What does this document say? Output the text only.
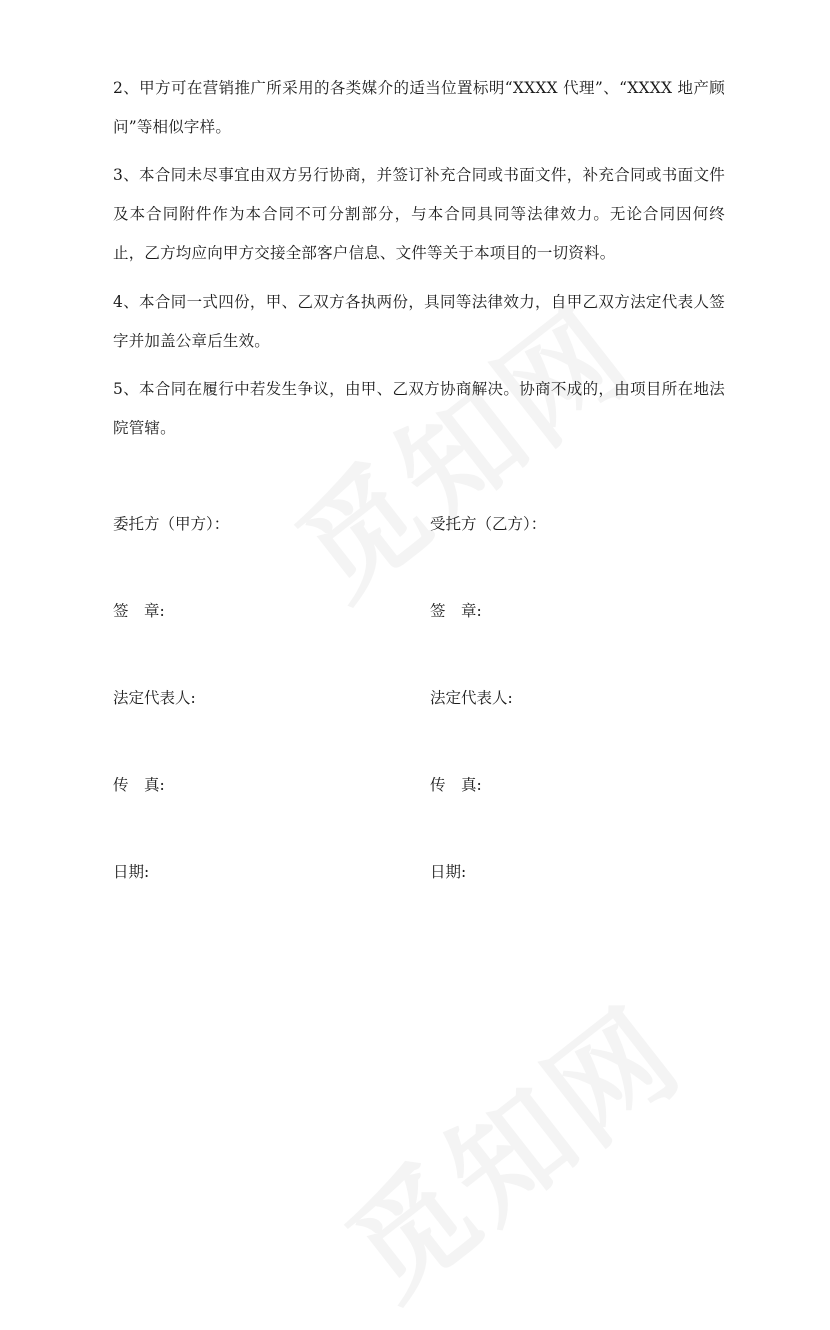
2、甲方可在营销推广所采用的各类媒介的适当位置标明“XXXX 代理”、“XXXX 地产顾问”等相似字样。

3、本合同未尽事宜由双方另行协商，并签订补充合同或书面文件，补充合同或书面文件及本合同附件作为本合同不可分割部分，与本合同具同等法律效力。无论合同因何终止，乙方均应向甲方交接全部客户信息、文件等关于本项目的一切资料。

4、本合同一式四份，甲、乙双方各执两份，具同等法律效力，自甲乙双方法定代表人签字并加盖公章后生效。

5、本合同在履行中若发生争议，由甲、乙双方协商解决。协商不成的，由项目所在地法院管辖。

委托方（甲方）：	受托方（乙方）：
签　章:	签　章:
法定代表人:	法定代表人:
传　真:	传　真:
日期:	日期:
